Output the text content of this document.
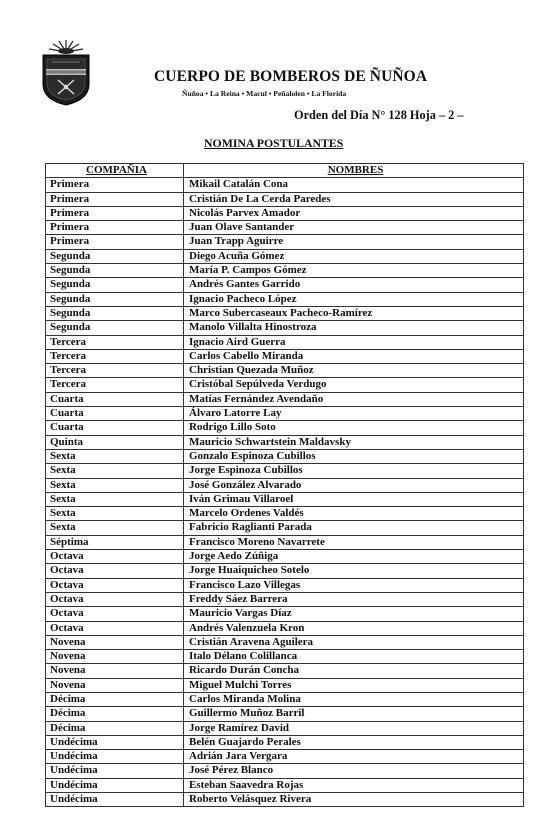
CUERPO DE BOMBEROS DE ÑUÑOA
Ñuñoa • La Reina • Macul • Peñalolen • La Florida
Orden del Día N° 128 Hoja – 2 –
NOMINA POSTULANTES
COMPAÑIA	NOMBRES
Primera	Mikail Catalán Cona
Primera	Cristián De La Cerda Paredes
Primera	Nicolás Parvex Amador
Primera	Juan Olave Santander
Primera	Juan Trapp Aguirre
Segunda	Diego Acuña Gómez
Segunda	María P. Campos Gómez
Segunda	Andrés Gantes Garrido
Segunda	Ignacio Pacheco López
Segunda	Marco Subercaseaux Pacheco-Ramírez
Segunda	Manolo Villalta Hinostroza
Tercera	Ignacio Aird Guerra
Tercera	Carlos Cabello Miranda
Tercera	Christian Quezada Muñoz
Tercera	Cristóbal Sepúlveda Verdugo
Cuarta	Matías Fernández Avendaño
Cuarta	Álvaro Latorre Lay
Cuarta	Rodrigo Lillo Soto
Quinta	Mauricio Schwartstein Maldavsky
Sexta	Gonzalo Espinoza Cubillos
Sexta	Jorge Espinoza Cubillos
Sexta	José González Alvarado
Sexta	Iván Grimau Villaroel
Sexta	Marcelo Ordenes Valdés
Sexta	Fabricio Raglianti Parada
Séptima	Francisco Moreno Navarrete
Octava	Jorge Aedo Zúñiga
Octava	Jorge Huaiquicheo Sotelo
Octava	Francisco Lazo Villegas
Octava	Freddy Sáez Barrera
Octava	Mauricio Vargas Díaz
Octava	Andrés Valenzuela Kron
Novena	Cristián Aravena Aguilera
Novena	Italo Délano Colillanca
Novena	Ricardo Durán Concha
Novena	Miguel Mulchi Torres
Décima	Carlos Miranda Molina
Décima	Guillermo Muñoz Barril
Décima	Jorge Ramírez David
Undécima	Belén Guajardo Perales
Undécima	Adrián Jara Vergara
Undécima	José Pérez Blanco
Undécima	Esteban Saavedra Rojas
Undécima	Roberto Velásquez Rivera
